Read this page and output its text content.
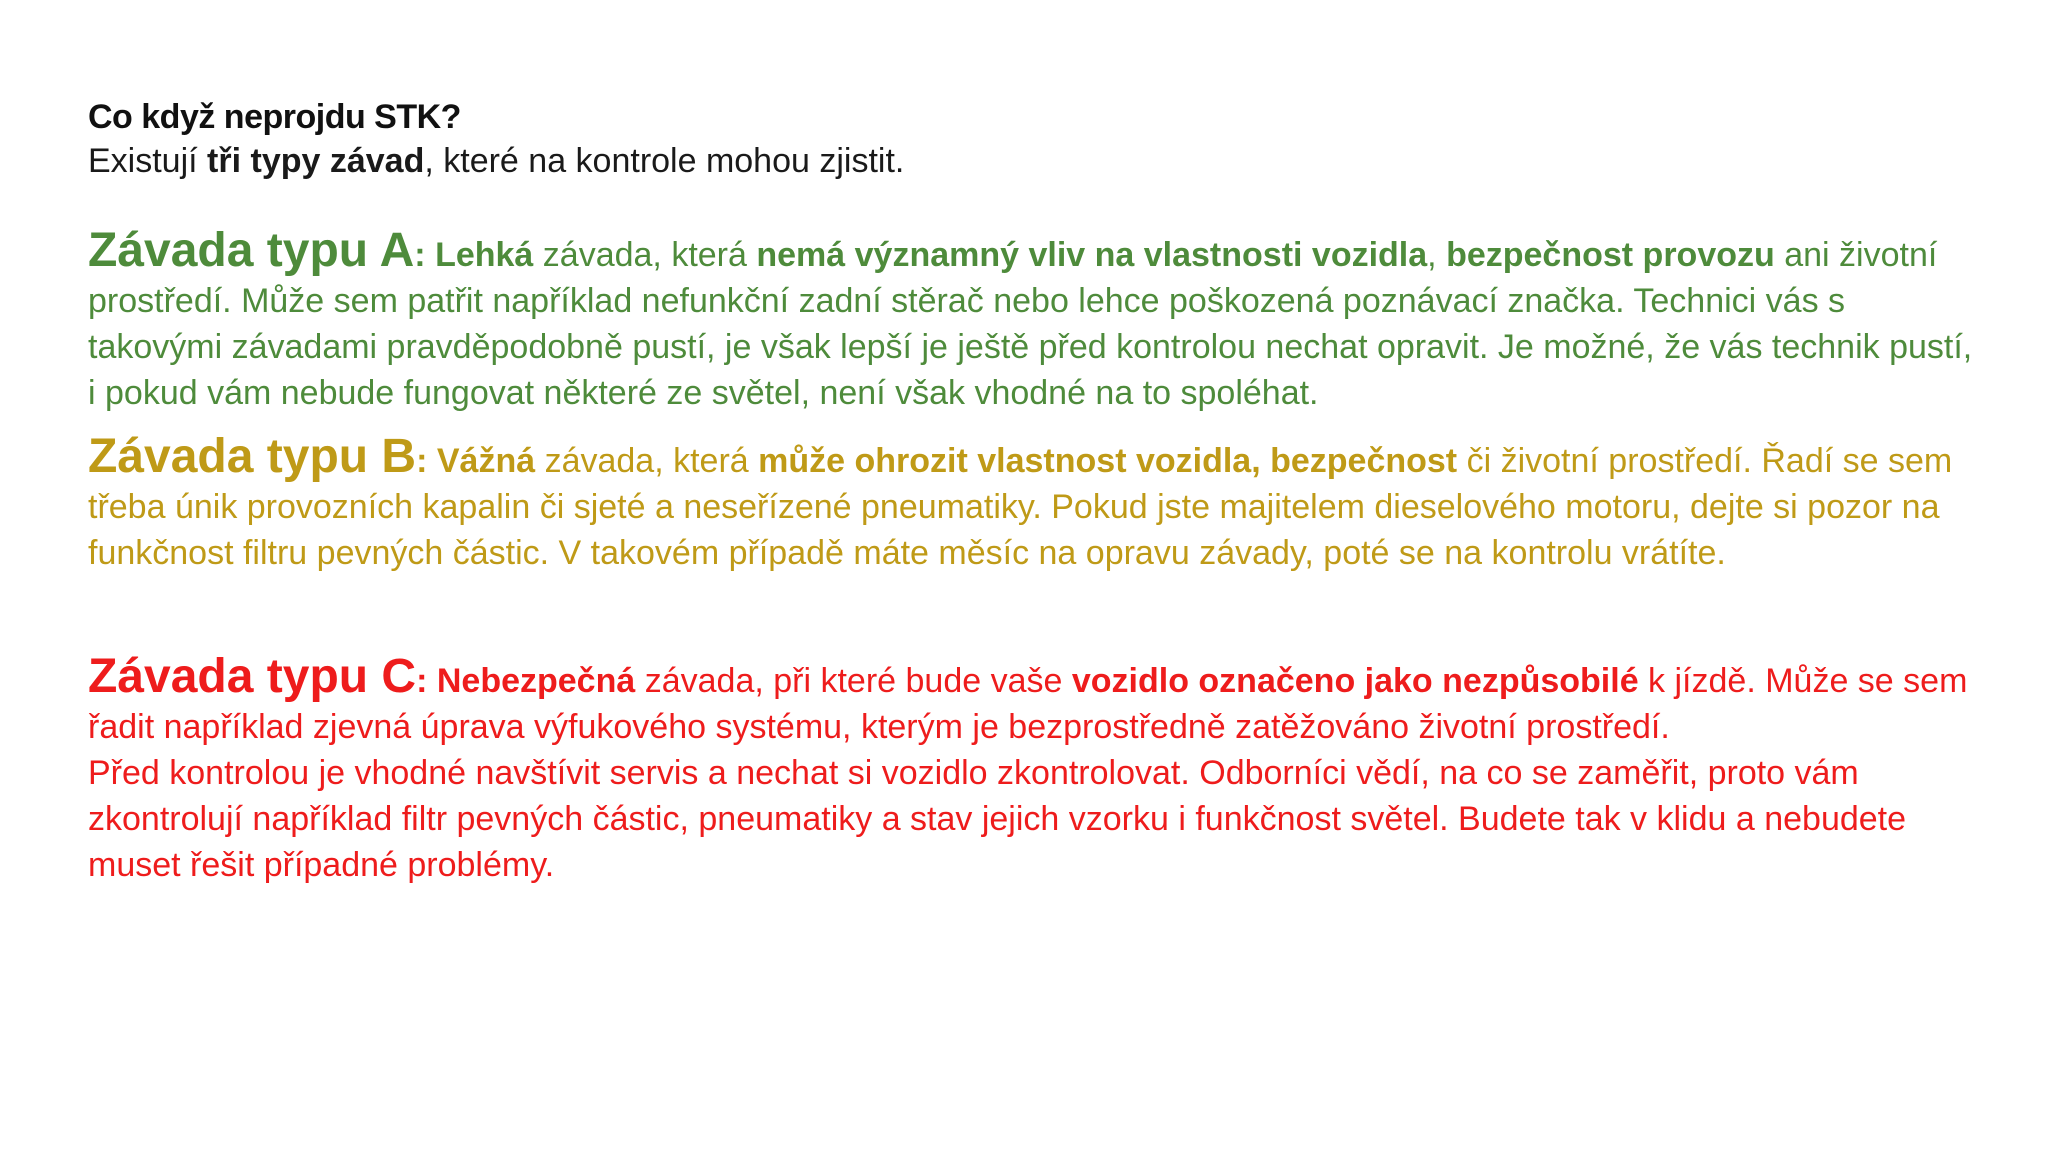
Co když neprojdu STK?
Existují tři typy závad, které na kontrole mohou zjistit.
Závada typu A: Lehká závada, která nemá významný vliv na vlastnosti vozidla, bezpečnost provozu ani životní prostředí. Může sem patřit například nefunkční zadní stěrač nebo lehce poškozená poznávací značka. Technici vás s takovými závadami pravděpodobně pustí, je však lepší je ještě před kontrolou nechat opravit. Je možné, že vás technik pustí, i pokud vám nebude fungovat některé ze světel, není však vhodné na to spoléhat.
Závada typu B: Vážná závada, která může ohrozit vlastnost vozidla, bezpečnost či životní prostředí. Řadí se sem třeba únik provozních kapalin či sjeté a neseřízené pneumatiky. Pokud jste majitelem dieselového motoru, dejte si pozor na funkčnost filtru pevných částic. V takovém případě máte měsíc na opravu závady, poté se na kontrolu vrátíte.
Závada typu C: Nebezpečná závada, při které bude vaše vozidlo označeno jako nezpůsobilé k jízdě. Může se sem řadit například zjevná úprava výfukového systému, kterým je bezprostředně zatěžováno životní prostředí.
Před kontrolou je vhodné navštívit servis a nechat si vozidlo zkontrolovat. Odborníci vědí, na co se zaměřit, proto vám zkontrolují například filtr pevných částic, pneumatiky a stav jejich vzorku i funkčnost světel. Budete tak v klidu a nebudete muset řešit případné problémy.
